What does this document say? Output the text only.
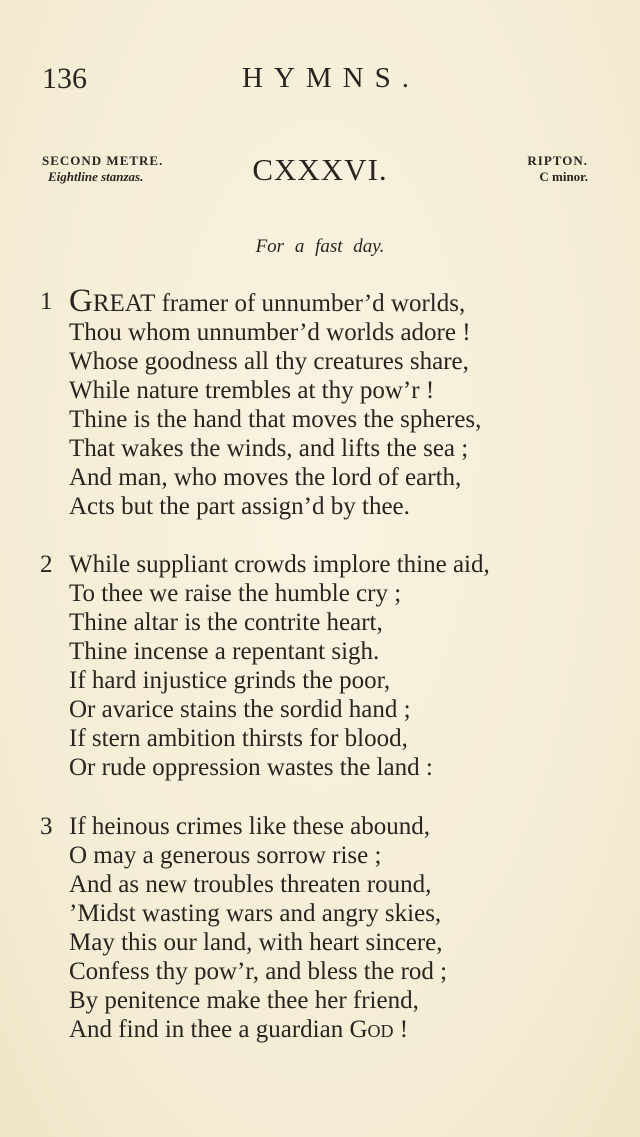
136	HYMNS.
SECOND METRE.
Eightline stanzas.	CXXXVI.	RIPTON.
C minor.
For a fast day.
1 GREAT framer of unnumber’d worlds,
Thou whom unnumber’d worlds adore !
Whose goodness all thy creatures share,
While nature trembles at thy pow’r !
Thine is the hand that moves the spheres,
That wakes the winds, and lifts the sea ;
And man, who moves the lord of earth,
Acts but the part assign’d by thee.
2 While suppliant crowds implore thine aid,
To thee we raise the humble cry ;
Thine altar is the contrite heart,
Thine incense a repentant sigh.
If hard injustice grinds the poor,
Or avarice stains the sordid hand ;
If stern ambition thirsts for blood,
Or rude oppression wastes the land :
3 If heinous crimes like these abound,
O may a generous sorrow rise ;
And as new troubles threaten round,
’Midst wasting wars and angry skies,
May this our land, with heart sincere,
Confess thy pow’r, and bless the rod ;
By penitence make thee her friend,
And find in thee a guardian God !
